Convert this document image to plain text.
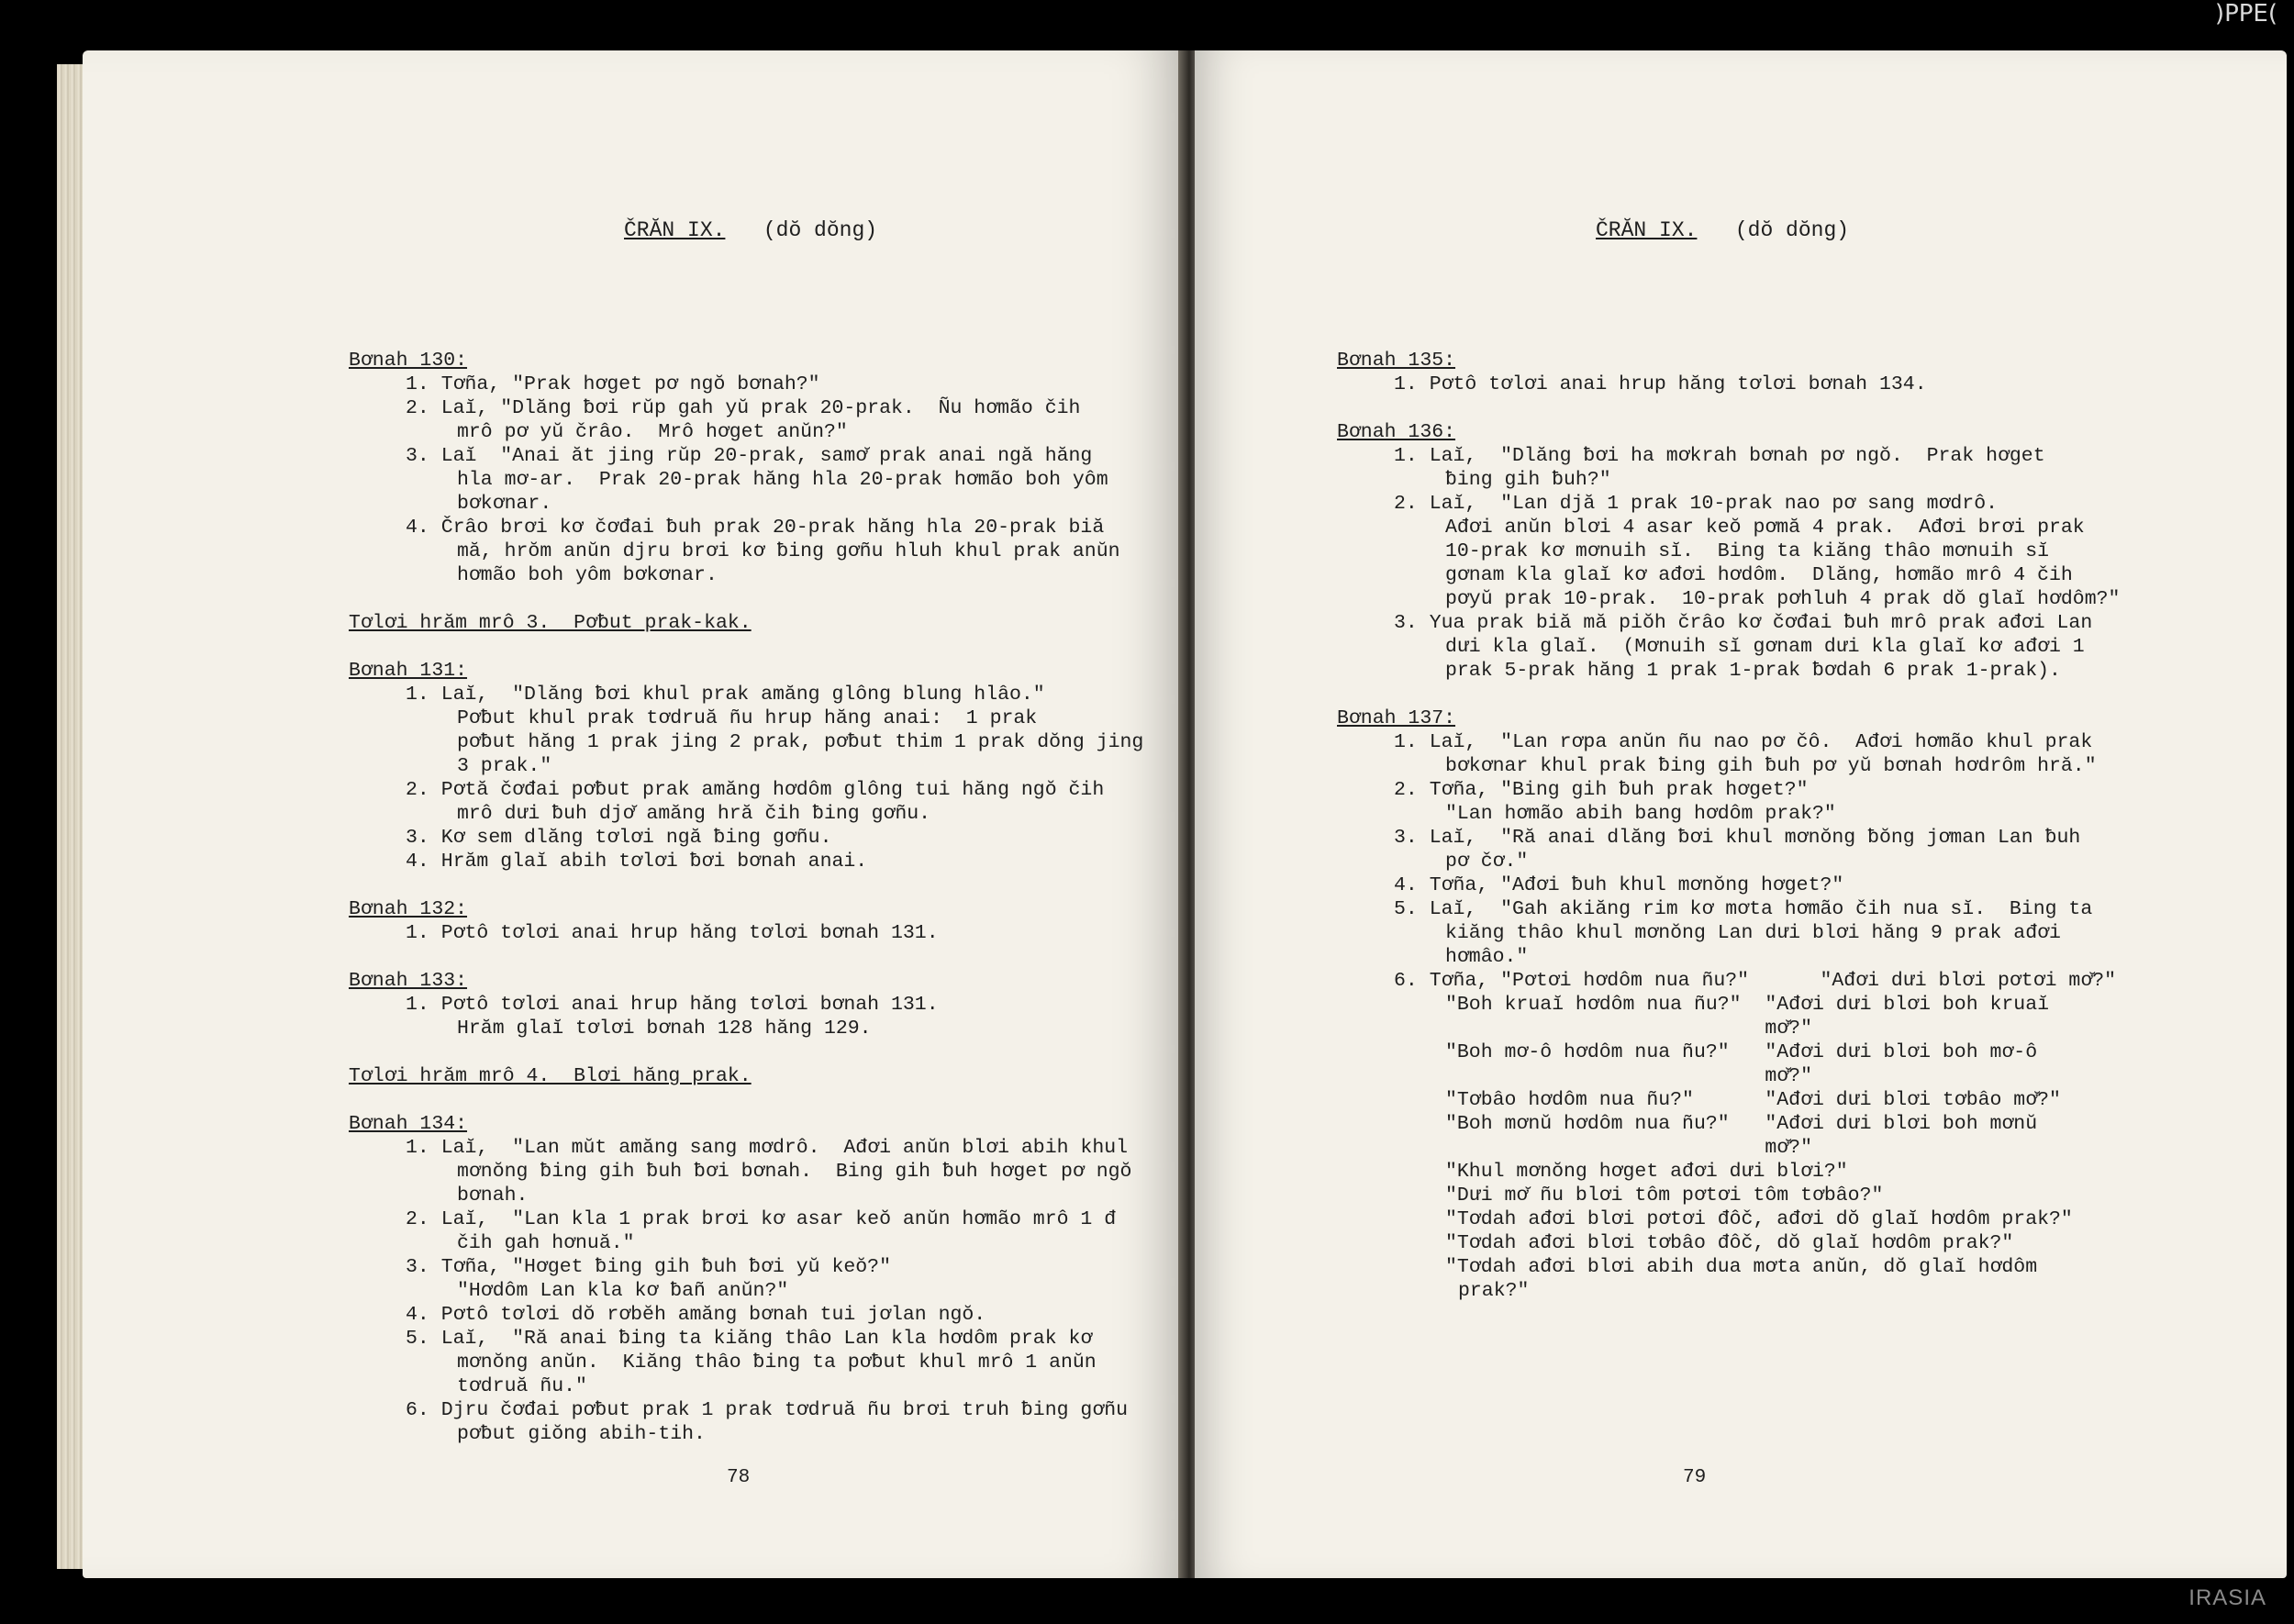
)PPE(

ČRĂN IX. (dŏ dŏng)

Bơnah 130:
1. Tơña, "Prak hơget pơ ngŏ bơnah?"
2. Laĭ, "Dlăng ƀơi rŭp gah yŭ prak 20-prak.  Ñu hơmão čih
mrô pơ yŭ črâo.  Mrô hơget anŭn?"
3. Laĭ  "Anai ăt jing rŭp 20-prak, samơ̆ prak anai ngă hăng
hla mơ-ar.  Prak 20-prak hăng hla 20-prak hơmão boh yôm
bơkơnar.
4. Črâo brơi kơ čơđai ƀuh prak 20-prak hăng hla 20-prak biă
mă, hrŏm anŭn djru brơi kơ ƀing gơñu hluh khul prak anŭn
hơmão boh yôm bơkơnar.
Tơlơi hrăm mrô 3.  Pơƀut prak-kak.
Bơnah 131:
1. Laĭ,  "Dlăng ƀơi khul prak amăng glông blung hlâo."
Pơƀut khul prak tơdruă ñu hrup hăng anai:  1 prak
pơƀut hăng 1 prak jing 2 prak, pơƀut thim 1 prak dŏng jing
3 prak."
2. Pơtă čơđai pơƀut prak amăng hơdôm glông tui hăng ngŏ čih
mrô dưi ƀuh djơ̆ amăng hră čih ƀing gơñu.
3. Kơ sem dlăng tơlơi ngă ƀing gơñu.
4. Hrăm glaĭ abih tơlơi ƀơi bơnah anai.
Bơnah 132:
1. Pơtô tơlơi anai hrup hăng tơlơi bơnah 131.
Bơnah 133:
1. Pơtô tơlơi anai hrup hăng tơlơi bơnah 131.
Hrăm glaĭ tơlơi bơnah 128 hăng 129.
Tơlơi hrăm mrô 4.  Blơi hăng prak.
Bơnah 134:
1. Laĭ,  "Lan mŭt amăng sang mơdrô.  Ađơi anŭn blơi abih khul
mơnŏng ƀing gih ƀuh ƀơi bơnah.  Bing gih ƀuh hơget pơ ngŏ
bơnah.
2. Laĭ,  "Lan kla 1 prak brơi kơ asar keŏ anŭn hơmão mrô 1 đ
čih gah hơnuă."
3. Tơña, "Hơget ƀing gih ƀuh ƀơi yŭ keŏ?"
"Hơdôm Lan kla kơ ƀañ anŭn?"
4. Pơtô tơlơi dŏ rơbĕh amăng bơnah tui jơlan ngŏ.
5. Laĭ,  "Ră anai ƀing ta kiăng thâo Lan kla hơdôm prak kơ
mơnŏng anŭn.  Kiăng thâo ƀing ta pơƀut khul mrô 1 anŭn
tơdruă ñu."
6. Djru čơđai pơƀut prak 1 prak tơdruă ñu brơi truh ƀing gơñu
pơƀut giŏng abih-tih.

78

ČRĂN IX. (dŏ dŏng)

Bơnah 135:
1. Pơtô tơlơi anai hrup hăng tơlơi bơnah 134.
Bơnah 136:
1. Laĭ,  "Dlăng ƀơi ha mơkrah bơnah pơ ngŏ.  Prak hơget
ƀing gih ƀuh?"
2. Laĭ,  "Lan djă 1 prak 10-prak nao pơ sang mơdrô.
Ađơi anŭn blơi 4 asar keŏ pơmă 4 prak.  Ađơi brơi prak
10-prak kơ mơnuih sĭ.  Bing ta kiăng thâo mơnuih sĭ
gơnam kla glaĭ kơ ađơi hơdôm.  Dlăng, hơmão mrô 4 čih
pơyŭ prak 10-prak.  10-prak pơhluh 4 prak dŏ glaĭ hơdôm?"
3. Yua prak biă mă piŏh črâo kơ čơđai ƀuh mrô prak ađơi Lan
dưi kla glaĭ.  (Mơnuih sĭ gơnam dưi kla glaĭ kơ ađơi 1
prak 5-prak hăng 1 prak 1-prak ƀơdah 6 prak 1-prak).
Bơnah 137:
1. Laĭ,  "Lan rơpa anŭn ñu nao pơ čô.  Ađơi hơmão khul prak
bơkơnar khul prak ƀing gih ƀuh pơ yŭ bơnah hơdrôm hră."
2. Tơña, "Bing gih ƀuh prak hơget?"
"Lan hơmão abih bang hơdôm prak?"
3. Laĭ,  "Ră anai dlăng ƀơi khul mơnŏng ƀŏng jơman Lan ƀuh
pơ čơ."
4. Tơña, "Ađơi ƀuh khul mơnŏng hơget?"
5. Laĭ,  "Gah akiăng rim kơ mơta hơmão čih nua sĭ.  Bing ta
kiăng thâo khul mơnŏng Lan dưi blơi hăng 9 prak ađơi
hơmâo."
6. Tơña, "Pơtơi hơdôm nua ñu?"      "Ađơi dưi blơi pơtơi mơ̆?"
"Boh kruaĭ hơdôm nua ñu?"  "Ađơi dưi blơi boh kruaĭ
mơ̆?"
"Boh mơ-ô hơdôm nua ñu?"   "Ađơi dưi blơi boh mơ-ô
mơ̆?"
"Tơbâo hơdôm nua ñu?"      "Ađơi dưi blơi tơbâo mơ̆?"
"Boh mơnŭ hơdôm nua ñu?"   "Ađơi dưi blơi boh mơnŭ
mơ̆?"
"Khul mơnŏng hơget ađơi dưi blơi?"
"Dưi mơ̆ ñu blơi tôm pơtơi tôm tơbâo?"
"Tơdah ađơi blơi pơtơi đôč, ađơi dŏ glaĭ hơdôm prak?"
"Tơdah ađơi blơi tơbâo đôč, dŏ glaĭ hơdôm prak?"
"Tơdah ađơi blơi abih dua mơta anŭn, dŏ glaĭ hơdôm
prak?"

79

IRASIA
